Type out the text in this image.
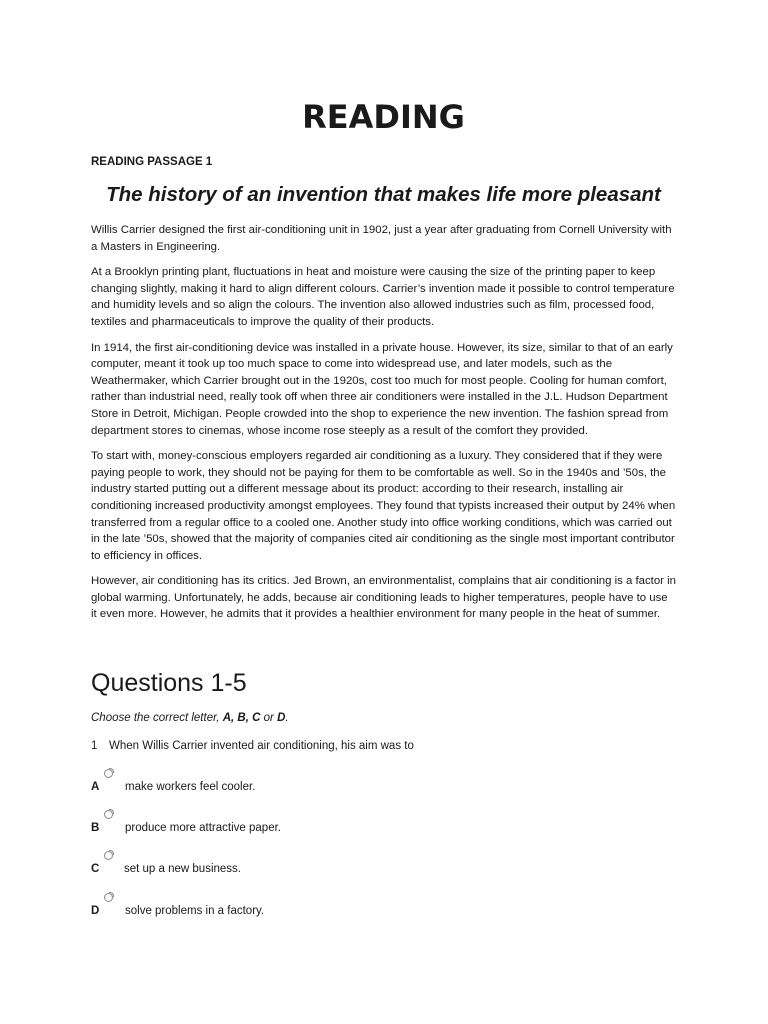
READING
READING PASSAGE 1
The history of an invention that makes life more pleasant

Willis Carrier designed the first air-conditioning unit in 1902, just a year after graduating from Cornell University with a Masters in Engineering.

At a Brooklyn printing plant, fluctuations in heat and moisture were causing the size of the printing paper to keep changing slightly, making it hard to align different colours. Carrier’s invention made it possible to control temperature and humidity levels and so align the colours. The invention also allowed industries such as film, processed food, textiles and pharmaceuticals to improve the quality of their products.

In 1914, the first air-conditioning device was installed in a private house. However, its size, similar to that of an early computer, meant it took up too much space to come into widespread use, and later models, such as the Weathermaker, which Carrier brought out in the 1920s, cost too much for most people. Cooling for human comfort, rather than industrial need, really took off when three air conditioners were installed in the J.L. Hudson Department Store in Detroit, Michigan. People crowded into the shop to experience the new invention. The fashion spread from department stores to cinemas, whose income rose steeply as a result of the comfort they provided.

To start with, money-conscious employers regarded air conditioning as a luxury. They considered that if they were paying people to work, they should not be paying for them to be comfortable as well. So in the 1940s and ’50s, the industry started putting out a different message about its product: according to their research, installing air conditioning increased productivity amongst employees. They found that typists increased their output by 24% when transferred from a regular office to a cooled one. Another study into office working conditions, which was carried out in the late ’50s, showed that the majority of companies cited air conditioning as the single most important contributor to efficiency in offices.

However, air conditioning has its critics. Jed Brown, an environmentalist, complains that air conditioning is a factor in global warming. Unfortunately, he adds, because air conditioning leads to higher temperatures, people have to use it even more. However, he admits that it provides a healthier environment for many people in the heat of summer.

Questions 1-5
Choose the correct letter, A, B, C or D.
1 When Willis Carrier invented air conditioning, his aim was to
A make workers feel cooler.
B produce more attractive paper.
C set up a new business.
D solve problems in a factory.
